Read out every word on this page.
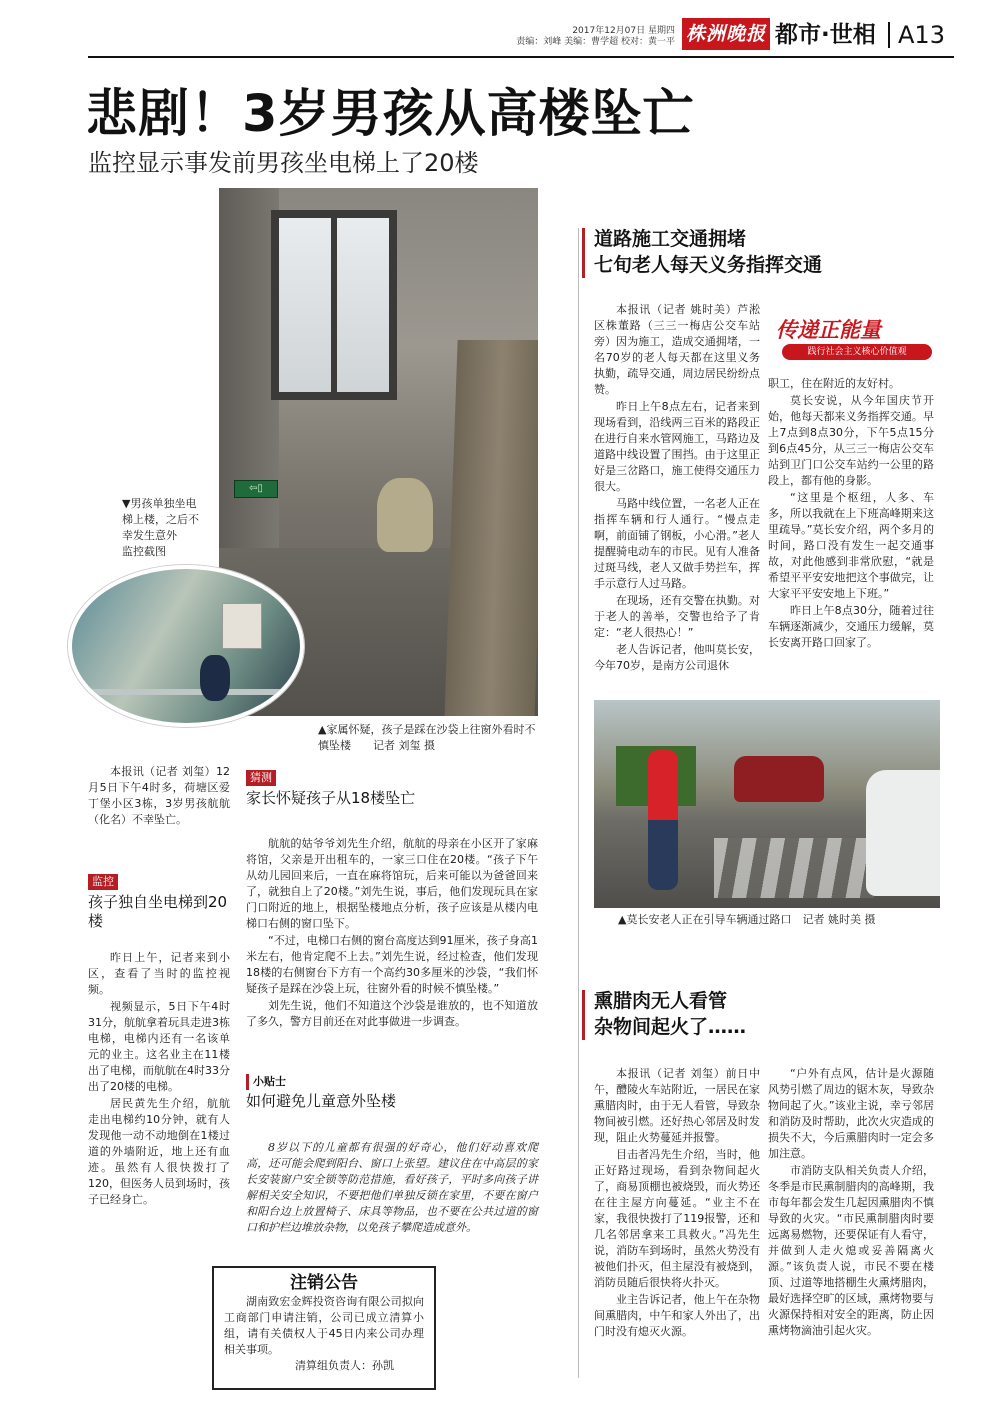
2017年12月07日 星期四
责编：刘峰 美编：曹学超 校对：黄一平 株洲晚报 都市·世相 A13
悲剧！3岁男孩从高楼坠亡
监控显示事发前男孩坐电梯上了20楼
⇦▯
▼男孩单独坐电梯上楼，之后不幸发生意外　　监控截图
▲家属怀疑，孩子是踩在沙袋上往窗外看时不慎坠楼　　记者 刘玺 摄

本报讯（记者 刘玺）12月5日下午4时多，荷塘区爱丁堡小区3栋，3岁男孩航航（化名）不幸坠亡。

监控
孩子独自坐电梯到20楼

昨日上午，记者来到小区，查看了当时的监控视频。

视频显示，5日下午4时31分，航航拿着玩具走进3栋电梯，电梯内还有一名该单元的业主。这名业主在11楼出了电梯，而航航在4时33分出了20楼的电梯。

居民黄先生介绍，航航走出电梯约10分钟，就有人发现他一动不动地倒在1楼过道的外墙附近，地上还有血迹。虽然有人很快拨打了120，但医务人员到场时，孩子已经身亡。

猜测
家长怀疑孩子从18楼坠亡

航航的姑爷爷刘先生介绍，航航的母亲在小区开了家麻将馆，父亲是开出租车的，一家三口住在20楼。“孩子下午从幼儿园回来后，一直在麻将馆玩，后来可能以为爸爸回来了，就独自上了20楼。”刘先生说，事后，他们发现玩具在家门口附近的地上，根据坠楼地点分析，孩子应该是从楼内电梯口右侧的窗口坠下。

“不过，电梯口右侧的窗台高度达到91厘米，孩子身高1米左右，他肯定爬不上去。”刘先生说，经过检查，他们发现18楼的右侧窗台下方有一个高约30多厘米的沙袋，“我们怀疑孩子是踩在沙袋上玩，往窗外看的时候不慎坠楼。”

刘先生说，他们不知道这个沙袋是谁放的，也不知道放了多久，警方目前还在对此事做进一步调查。

小贴士
如何避免儿童意外坠楼

8岁以下的儿童都有很强的好奇心，他们好动喜欢爬高，还可能会爬到阳台、窗口上张望。建议住在中高层的家长安装窗户安全锁等防范措施，看好孩子，平时多向孩子讲解相关安全知识，不要把他们单独反锁在家里，不要在窗户和阳台边上放置椅子、床具等物品，也不要在公共过道的窗口和护栏边堆放杂物，以免孩子攀爬造成意外。

注销公告
湖南致宏金辉投资咨询有限公司拟向工商部门申请注销，公司已成立清算小组，请有关债权人于45日内来公司办理相关事项。
清算组负责人：孙凯
道路施工交通拥堵
七旬老人每天义务指挥交通
传递正能量
践行社会主义核心价值观

本报讯（记者 姚时美）芦淞区株董路（三三一梅店公交车站旁）因为施工，造成交通拥堵，一名70岁的老人每天都在这里义务执勤，疏导交通，周边居民纷纷点赞。

昨日上午8点左右，记者来到现场看到，沿线两三百米的路段正在进行自来水管网施工，马路边及道路中线设置了围挡。由于这里正好是三岔路口，施工使得交通压力很大。

马路中线位置，一名老人正在指挥车辆和行人通行。“慢点走啊，前面铺了钢板，小心滑。”老人提醒骑电动车的市民。见有人准备过斑马线，老人又做手势拦车，挥手示意行人过马路。

在现场，还有交警在执勤。对于老人的善举，交警也给予了肯定：“老人很热心！”

老人告诉记者，他叫莫长安，今年70岁，是南方公司退休

职工，住在附近的友好村。

莫长安说，从今年国庆节开始，他每天都来义务指挥交通。早上7点到8点30分，下午5点15分到6点45分，从三三一梅店公交车站到卫门口公交车站约一公里的路段上，都有他的身影。

“这里是个枢纽，人多、车多，所以我就在上下班高峰期来这里疏导。”莫长安介绍，两个多月的时间，路口没有发生一起交通事故，对此他感到非常欣慰，“就是希望平平安安地把这个事做完，让大家平平安安地上下班。”

昨日上午8点30分，随着过往车辆逐渐减少，交通压力缓解，莫长安离开路口回家了。

▲莫长安老人正在引导车辆通过路口　记者 姚时美 摄
熏腊肉无人看管
杂物间起火了……

本报讯（记者 刘玺）前日中午，醴陵火车站附近，一居民在家熏腊肉时，由于无人看管，导致杂物间被引燃。还好热心邻居及时发现，阻止火势蔓延并报警。

目击者冯先生介绍，当时，他正好路过现场，看到杂物间起火了，商易顶棚也被烧毁，而火势还在往主屋方向蔓延。“业主不在家，我很快拨打了119报警，还和几名邻居拿来工具救火。”冯先生说，消防车到场时，虽然火势没有被他们扑灭，但主屋没有被烧到，消防员随后很快将火扑灭。

业主告诉记者，他上午在杂物间熏腊肉，中午和家人外出了，出门时没有熄灭火源。

“户外有点风，估计是火源随风势引燃了周边的锯木灰，导致杂物间起了火。”该业主说，幸亏邻居和消防及时帮助，此次火灾造成的损失不大，今后熏腊肉时一定会多加注意。

市消防支队相关负责人介绍，冬季是市民熏制腊肉的高峰期，我市每年都会发生几起因熏腊肉不慎导致的火灾。“市民熏制腊肉时要远离易燃物，还要保证有人看守，并做到人走火熄或妥善隔离火源。”该负责人说，市民不要在楼顶、过道等地搭棚生火熏烤腊肉，最好选择空旷的区域，熏烤物要与火源保持相对安全的距离，防止因熏烤物滴油引起火灾。
